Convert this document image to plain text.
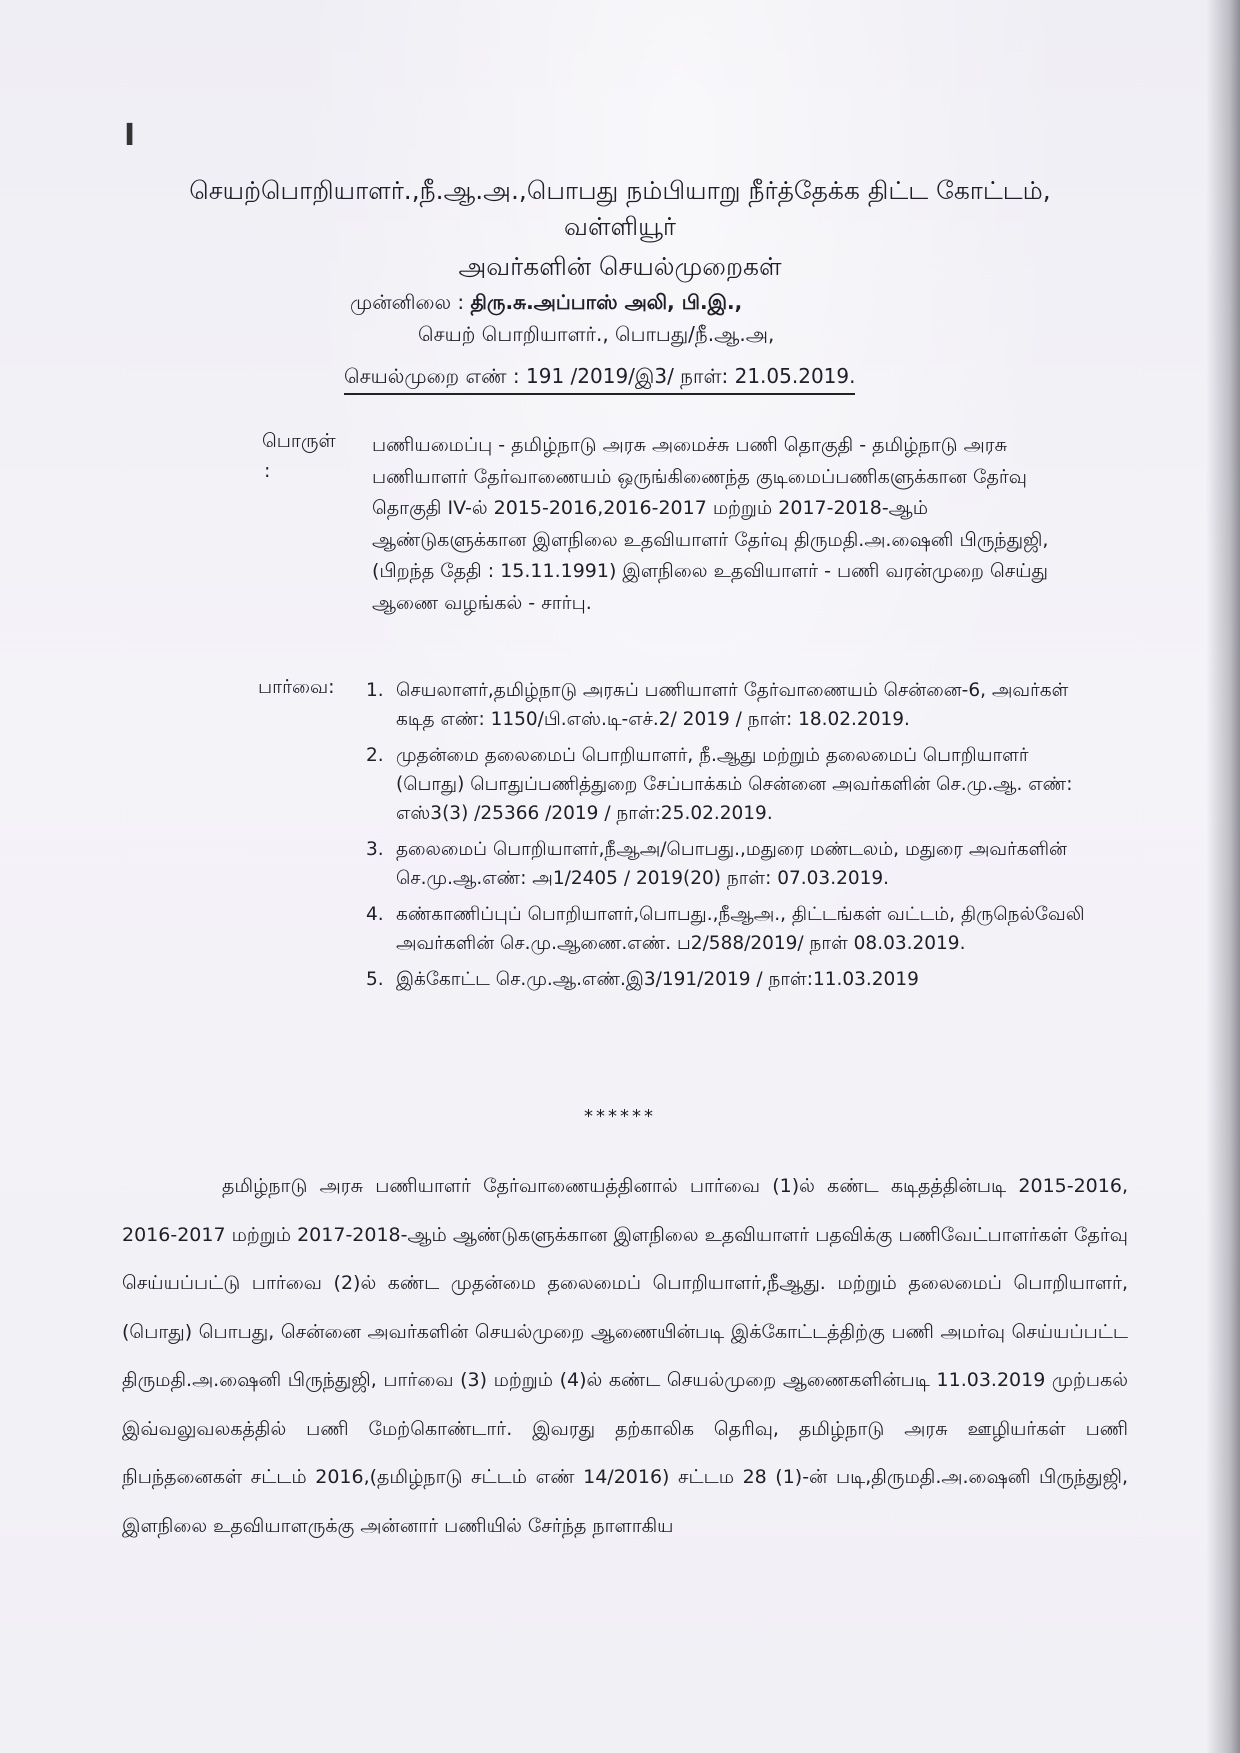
I
செயற்பொறியாளர்.,நீ.ஆ.அ.,பொபது நம்பியாறு நீர்த்தேக்க திட்ட கோட்டம்,
வள்ளியூர்
அவர்களின் செயல்முறைகள்
முன்னிலை : திரு.சு.அப்பாஸ் அலி, பி.இ.,
செயற் பொறியாளர்., பொபது/நீ.ஆ.அ,
செயல்முறை எண் : 191 /2019/இ3/ நாள்: 21.05.2019.
பொருள்
:
பணியமைப்பு - தமிழ்நாடு அரசு அமைச்சு பணி தொகுதி - தமிழ்நாடு அரசு பணியாளர் தேர்வாணையம் ஒருங்கிணைந்த குடிமைப்பணிகளுக்கான தேர்வு தொகுதி IV-ல் 2015-2016,2016-2017 மற்றும் 2017-2018-ஆம் ஆண்டுகளுக்கான இளநிலை உதவியாளர் தேர்வு திருமதி.அ.ஷைனி பிருந்துஜி, (பிறந்த தேதி : 15.11.1991) இளநிலை உதவியாளர் - பணி வரன்முறை செய்து ஆணை வழங்கல் - சார்பு.
பார்வை: 1. செயலாளர்,தமிழ்நாடு அரசுப் பணியாளர் தேர்வாணையம் சென்னை-6, அவர்கள் கடித எண்: 1150/பி.எஸ்.டி-எச்.2/ 2019 / நாள்: 18.02.2019.
2. முதன்மை தலைமைப் பொறியாளர், நீ.ஆது மற்றும் தலைமைப் பொறியாளர் (பொது) பொதுப்பணித்துறை சேப்பாக்கம் சென்னை அவர்களின் செ.மு.ஆ. எண்: எஸ்3(3) /25366 /2019 / நாள்:25.02.2019.
3. தலைமைப் பொறியாளர்,நீஆஅ/பொபது.,மதுரை மண்டலம், மதுரை அவர்களின் செ.மு.ஆ.எண்: அ1/2405 / 2019(20) நாள்: 07.03.2019.
4. கண்காணிப்புப் பொறியாளர்,பொபது.,நீஆஅ., திட்டங்கள் வட்டம், திருநெல்வேலி அவர்களின் செ.மு.ஆணை.எண். ப2/588/2019/ நாள் 08.03.2019.
5. இக்கோட்ட செ.மு.ஆ.எண்.இ3/191/2019 / நாள்:11.03.2019
******
தமிழ்நாடு அரசு பணியாளர் தேர்வாணையத்தினால் பார்வை (1)ல் கண்ட கடிதத்தின்படி 2015-2016, 2016-2017 மற்றும் 2017-2018-ஆம் ஆண்டுகளுக்கான இளநிலை உதவியாளர் பதவிக்கு பணிவேட்பாளர்கள் தேர்வு செய்யப்பட்டு பார்வை (2)ல் கண்ட முதன்மை தலைமைப் பொறியாளர்,நீஆது. மற்றும் தலைமைப் பொறியாளர், (பொது) பொபது, சென்னை அவர்களின் செயல்முறை ஆணையின்படி இக்கோட்டத்திற்கு பணி அமர்வு செய்யப்பட்ட திருமதி.அ.ஷைனி பிருந்துஜி, பார்வை (3) மற்றும் (4)ல் கண்ட செயல்முறை ஆணைகளின்படி 11.03.2019 முற்பகல் இவ்வலுவலகத்தில் பணி மேற்கொண்டார். இவரது தற்காலிக தெரிவு, தமிழ்நாடு அரசு ஊழியர்கள் பணி நிபந்தனைகள் சட்டம் 2016,(தமிழ்நாடு சட்டம் எண் 14/2016) சட்டம 28 (1)-ன் படி,திருமதி.அ.ஷைனி பிருந்துஜி, இளநிலை உதவியாளருக்கு அன்னார் பணியில் சேர்ந்த நாளாகிய
